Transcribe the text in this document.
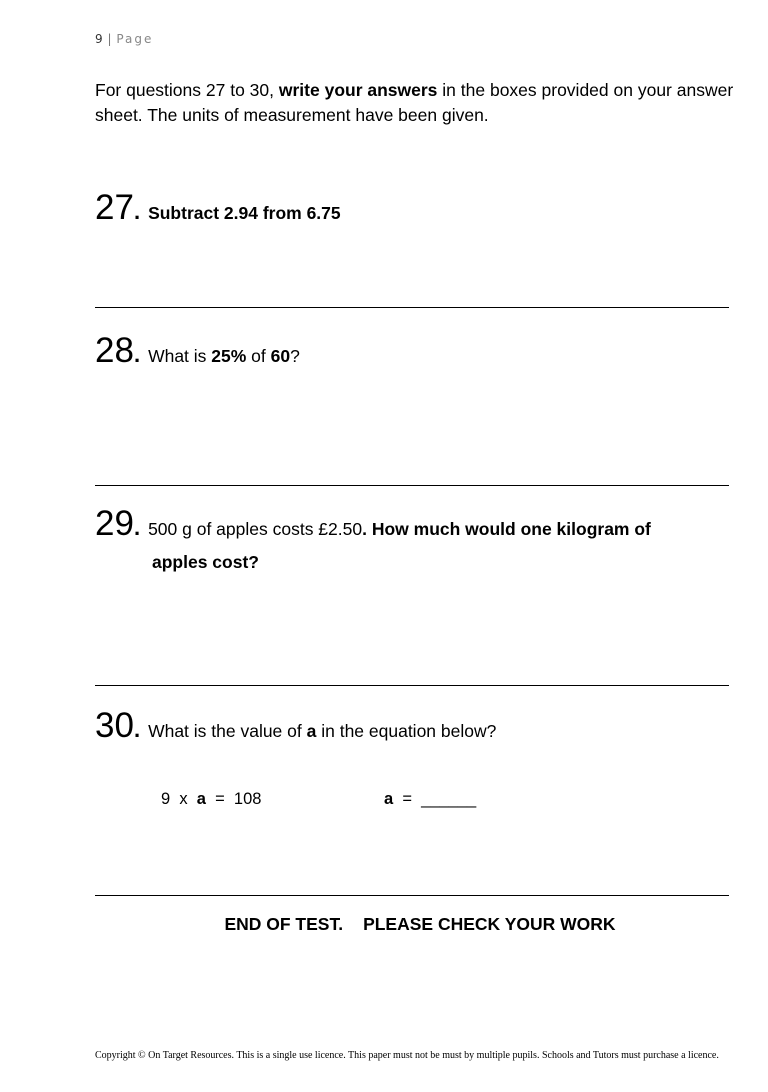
9 | Page
For questions 27 to 30, write your answers in the boxes provided on your answer sheet. The units of measurement have been given.
27. Subtract 2.94 from 6.75
28. What is 25% of 60?
29. 500 g of apples costs £2.50. How much would one kilogram of
apples cost?
30. What is the value of a in the equation below?
9  x  a  =  108	a  =  ______
END OF TEST. PLEASE CHECK YOUR WORK
Copyright © On Target Resources. This is a single use licence. This paper must not be must by multiple pupils. Schools and Tutors must purchase a licence.
